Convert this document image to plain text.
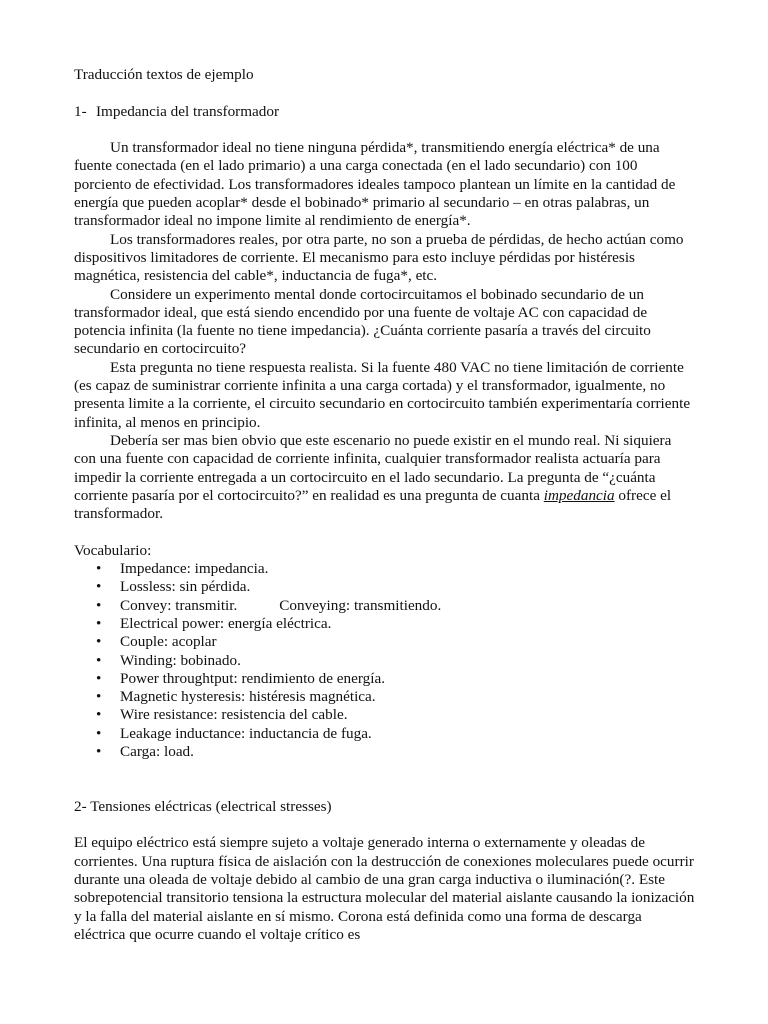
Traducción textos de ejemplo

1- Impedancia del transformador

Un transformador ideal no tiene ninguna pérdida*, transmitiendo energía eléctrica* de una fuente conectada (en el lado primario) a una carga conectada (en el lado secundario) con 100 porciento de efectividad. Los transformadores ideales tampoco plantean un límite en la cantidad de energía que pueden acoplar* desde el bobinado* primario al secundario – en otras palabras, un transformador ideal no impone limite al rendimiento de energía*.

Los transformadores reales, por otra parte, no son a prueba de pérdidas, de hecho actúan como dispositivos limitadores de corriente. El mecanismo para esto incluye pérdidas por histéresis magnética, resistencia del cable*, inductancia de fuga*, etc.

Considere un experimento mental donde cortocircuitamos el bobinado secundario de un transformador ideal, que está siendo encendido por una fuente de voltaje AC con capacidad de potencia infinita (la fuente no tiene impedancia). ¿Cuánta corriente pasaría a través del circuito secundario en cortocircuito?

Esta pregunta no tiene respuesta realista. Si la fuente 480 VAC no tiene limitación de corriente (es capaz de suministrar corriente infinita a una carga cortada) y el transformador, igualmente, no presenta limite a la corriente, el circuito secundario en cortocircuito también experimentaría corriente infinita, al menos en principio.

Debería ser mas bien obvio que este escenario no puede existir en el mundo real. Ni siquiera con una fuente con capacidad de corriente infinita, cualquier transformador realista actuaría para impedir la corriente entregada a un cortocircuito en el lado secundario. La pregunta de “¿cuánta corriente pasaría por el cortocircuito?” en realidad es una pregunta de cuanta impedancia ofrece el transformador.

Vocabulario:

• Impedance: impedancia.
• Lossless: sin pérdida.
• Convey: transmitir.	Conveying: transmitiendo.
• Electrical power: energía eléctrica.
• Couple: acoplar
• Winding: bobinado.
• Power throughtput: rendimiento de energía.
• Magnetic hysteresis: histéresis magnética.
• Wire resistance: resistencia del cable.
• Leakage inductance: inductancia de fuga.
• Carga: load.

2- Tensiones eléctricas (electrical stresses)

El equipo eléctrico está siempre sujeto a voltaje generado interna o externamente y oleadas de corrientes. Una ruptura física de aislación con la destrucción de conexiones moleculares puede ocurrir durante una oleada de voltaje debido al cambio de una gran carga inductiva o iluminación(?. Este sobrepotencial transitorio tensiona la estructura molecular del material aislante causando la ionización y la falla del material aislante en sí mismo. Corona está definida como una forma de descarga eléctrica que ocurre cuando el voltaje crítico es
